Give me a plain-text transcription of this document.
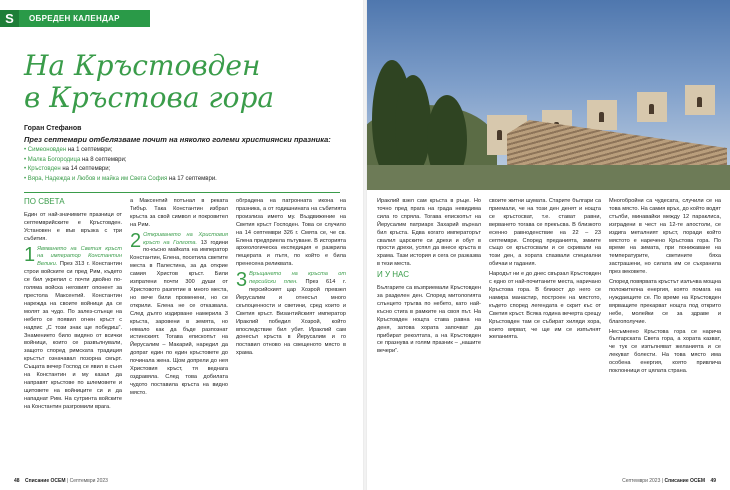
S ОБРЕДЕН КАЛЕНДАР
На Кръстовден
в Кръстова гора
Горан Стефанов
През септември отбелязваме почит на няколко големи християнски празника:
• Симеоновден на 1 септември;
• Малка Богородица на 8 септември;
• Кръстовден на 14 септември;
• Вяра, Надежда и Любов и майка им Света София на 17 септември.
ПО СВЕТА

Един от най-значимите празници от септемврийските е Кръстовден. Установен е във връзка с три събития.

1 Явяването на Светия кръст на император Константин Велики. През 313 г. Константин строи войските си пред Рим, където се бил укрепил с почти двойно по-голяма войска неговият опонент за престола Максентий. Константин нарежда на своите войници да се молят за чудо. По залез-слънце на небето се появил огнен кръст с надпис „С този знак ще победиш“. Знамението било видяно от всички войници, които се развълнували, защото според римската традиция кръстът означавал позорна смърт. Същата вечер Господ се явил в съня на Константин и му казал да направят кръстове по шлемовете и щитовете на войниците си и да нападнат Рим. На сутринта войските на Константин разгромили врага.

а Максентий потънал в реката Тибър. Така Константин избрал кръста за свой символ и покровител на Рим.

2 Откриването на Христовия кръст на Голгота. 13 години по-късно майката на император Константин, Елена, посетила светите места в Палестина, за да открие самия Христов кръст. Били изпратени почти 300 души от Христовото разпятие в много места, но вече били променени, но се открили. Елена не се отказвала. След дълго издирване намерила 3 кръста, заровени в земята, но нямало как да бъде разпознат истинският. Тогава епископът на Йерусалим – Макарий, наредил да допрат един по един кръстовете до починала жена. Щом допрели до нея Христовия кръст, тя веднага оздравяла. След това добилата чудото поставила кръста на видно място.

обградена на патронната икона на празника, а от годишнината на събитията произлиза името му. Въздвижение на Светия кръст Господен. Това се случило на 14 септември 326 г. Смята се, че св. Елена предприела пътуване. В историята археологическа експедиция е разкрила пещерата и пътя, по който е била пренесена реликвата.

3 Връщането на кръста от персийски плен. През 614 г. персийският цар Хозрой превзел Йерусалим и отнесъл много скъпоценности и светини, сред които и Светия кръст. Византийският император Ираклий победил Хозрой, който впоследствие бил убит. Ираклий сам донесъл кръста в Йерусалим и го поставил отново на свещеното място в храма.

48 Списание ОСЕМ | Септември 2023

Ираклий взел сам кръста в ръце. Но точно пред прага на града невидима сила го спряла. Тогава епископът на Йерусалим патриарх Захарий върнал бил кръста. Едва когато императорът свалил царските си дрехи и обут в прости дрехи, успял да внесе кръста в храма. Тази история и сега се разказва в тези места.

И У НАС

Българите са възприемали Кръстовден за разделен ден. Според митологията слънцето тръгва по небето, като най-късно стига в рамките на своя път. На Кръстовден нощта става равна на деня, затова хората започват да прибират реколтата, а на Кръстовден се празнува и голям празник – „нашите вечери“.

своите житни шумата. Старите българи са приемали, че на този ден денят и нощта се кръстосват, т.е. стават равни, верването тогава се прекъсва. В близкото есенно равноденствие на 22 – 23 септември. Според преданията, змиите също се кръстосвали и се скривали на този ден, а хората спазвали специални обичаи и гадания.

Народът ни е до днес свързал Кръстовден с едно от най-почитаните места, наричано Кръстова гора. В близост до него се намира манастир, построен на мястото, където според легендата е скрит къс от Светия кръст. Всяка година вечерта срещу Кръстовден там се събират хиляди хора, които вярват, че ще им се изпълнят желанията.

Многобройни са чудесата, случили се на това място. На самия връх, до който водят стълби, минавайки между 12 параклиса, изградени в чест на 12-те апостоли, се издига металният кръст, поради който мястото е наречено Кръстова гора. По време на зимата, при понижаване на температурите, светините бяха застрашени, но силата им се съхранила през вековете.

Според повярвата кръстът излъчва мощна положителна енергия, която помага на нуждаещите се. По време на Кръстовден вярващите прекарват нощта под открито небе, молейки се за здраве и благополучие.

Несъмнено Кръстова гора се нарича българската Света гора, а хората казват, че тук се изпълняват желанията и се лекуват болести. На това място има особена енергия, която привлича поклонници от цялата страна.

Септември 2023 | Списание ОСЕМ 49
